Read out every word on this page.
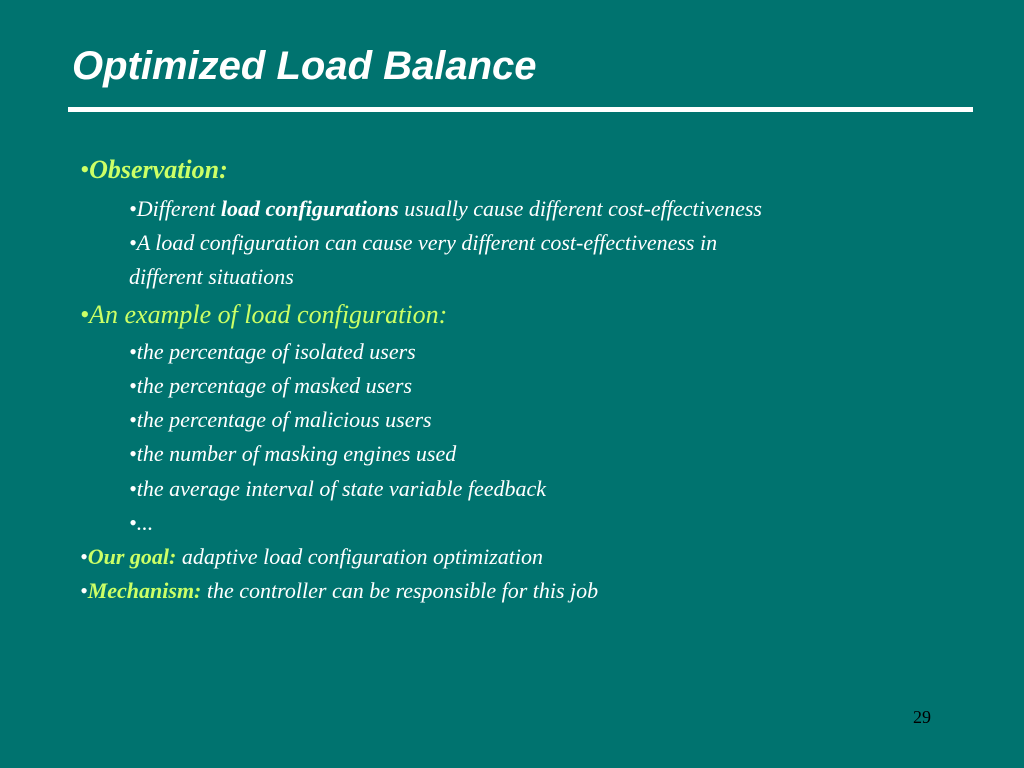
Optimized Load Balance
•Observation:
•Different load configurations usually cause different cost-effectiveness
•A load configuration can cause very different cost-effectiveness in
different situations
•An example of load configuration:
•the percentage of isolated users
•the percentage of masked users
•the percentage of malicious users
•the number of masking engines used
•the average interval of state variable feedback
•...
•Our goal: adaptive load configuration optimization
•Mechanism: the controller can be responsible for this job
29
